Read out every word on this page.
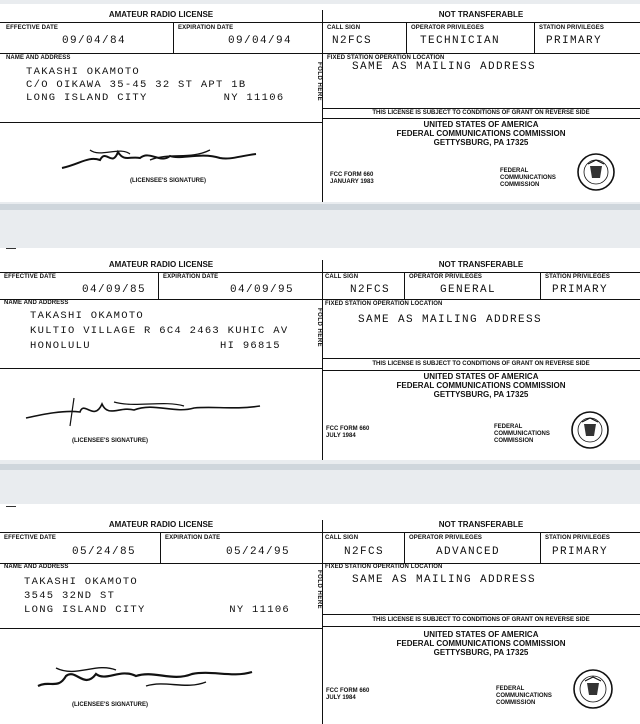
AMATEUR RADIO LICENSE	NOT TRANSFERABLE
EFFECTIVE DATE
09/04/84
EXPIRATION DATE
09/04/94
CALL SIGN
N2FCS
OPERATOR PRIVILEGES
TECHNICIAN
STATION PRIVILEGES
PRIMARY
NAME AND ADDRESS
TAKASHI OKAMOTO
C/O OIKAWA 35-45 32 ST APT 1B
LONG ISLAND CITY          NY 11106
FIXED STATION OPERATION LOCATION
SAME AS MAILING ADDRESS
FOLD HERE
THIS LICENSE IS SUBJECT TO CONDITIONS OF GRANT ON REVERSE SIDE
UNITED STATES OF AMERICA
FEDERAL COMMUNICATIONS COMMISSION
GETTYSBURG, PA 17325
FCC FORM 660
JANUARY 1983
FEDERAL
COMMUNICATIONS
COMMISSION
(LICENSEE'S SIGNATURE)
AMATEUR RADIO LICENSE	NOT TRANSFERABLE
EFFECTIVE DATE
04/09/85
EXPIRATION DATE
04/09/95
CALL SIGN
N2FCS
OPERATOR PRIVILEGES
GENERAL
STATION PRIVILEGES
PRIMARY
NAME AND ADDRESS
TAKASHI OKAMOTO
KULTIO VILLAGE R 6C4 2463 KUHIC AV
HONOLULU                 HI 96815
FIXED STATION OPERATION LOCATION
SAME AS MAILING ADDRESS
FOLD HERE
THIS LICENSE IS SUBJECT TO CONDITIONS OF GRANT ON REVERSE SIDE
UNITED STATES OF AMERICA
FEDERAL COMMUNICATIONS COMMISSION
GETTYSBURG, PA 17325
FCC FORM 660
JULY 1984
FEDERAL
COMMUNICATIONS
COMMISSION
(LICENSEE'S SIGNATURE)
AMATEUR RADIO LICENSE	NOT TRANSFERABLE
EFFECTIVE DATE
05/24/85
EXPIRATION DATE
05/24/95
CALL SIGN
N2FCS
OPERATOR PRIVILEGES
ADVANCED
STATION PRIVILEGES
PRIMARY
NAME AND ADDRESS
TAKASHI OKAMOTO
3545 32ND ST
LONG ISLAND CITY           NY 11106
FIXED STATION OPERATION LOCATION
SAME AS MAILING ADDRESS
FOLD HERE
THIS LICENSE IS SUBJECT TO CONDITIONS OF GRANT ON REVERSE SIDE
UNITED STATES OF AMERICA
FEDERAL COMMUNICATIONS COMMISSION
GETTYSBURG, PA 17325
FCC FORM 660
JULY 1984
FEDERAL
COMMUNICATIONS
COMMISSION
(LICENSEE'S SIGNATURE)
